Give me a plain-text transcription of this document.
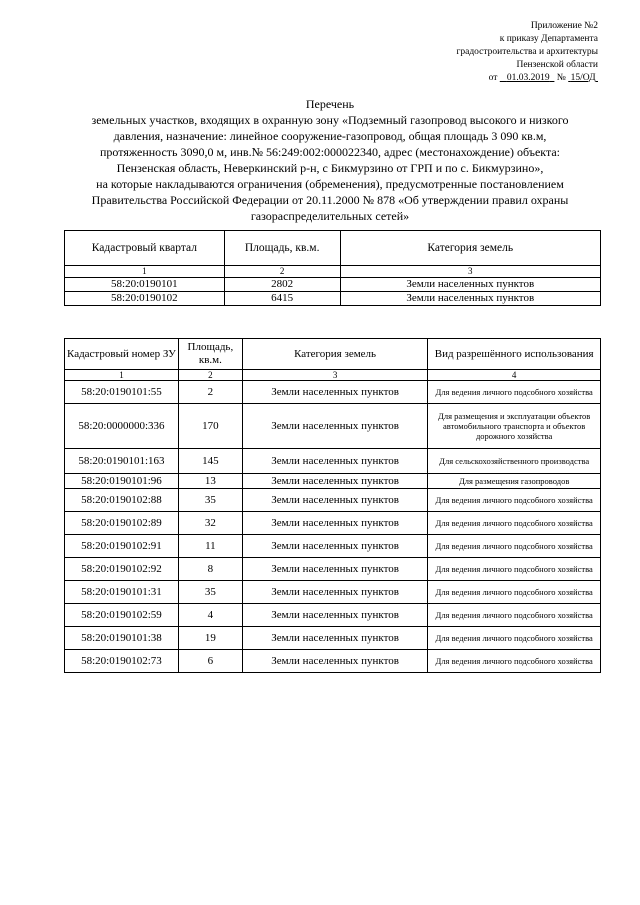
Приложение №2
к приказу Департамента
градостроительства и архитектуры
Пензенской области
от 01.03.2019 № 15/ОД
Перечень
земельных участков, входящих в охранную зону «Подземный газопровод высокого и низкого
давления, назначение: линейное сооружение-газопровод, общая площадь 3 090 кв.м,
протяженность 3090,0 м, инв.№ 56:249:002:000022340, адрес (местонахождение) объекта:
Пензенская область, Неверкинский р-н, с Бикмурзино от ГРП и по с. Бикмурзино»,
на которые накладываются ограничения (обременения), предусмотренные постановлением
Правительства Российской Федерации от 20.11.2000 № 878 «Об утверждении правил охраны
газораспределительных сетей»
Кадастровый квартал	Площадь, кв.м.	Категория земель
1	2	3
58:20:0190101	2802	Земли населенных пунктов
58:20:0190102	6415	Земли населенных пунктов
Кадастровый номер ЗУ	Площадь, кв.м.	Категория земель	Вид разрешённого использования
1	2	3	4
58:20:0190101:55	2	Земли населенных пунктов	Для ведения личного подсобного хозяйства
58:20:0000000:336	170	Земли населенных пунктов	Для размещения и эксплуатации объектов автомобильного транспорта и объектов дорожного хозяйства
58:20:0190101:163	145	Земли населенных пунктов	Для сельскохозяйственного производства
58:20:0190101:96	13	Земли населенных пунктов	Для размещения газопроводов
58:20:0190102:88	35	Земли населенных пунктов	Для ведения личного подсобного хозяйства
58:20:0190102:89	32	Земли населенных пунктов	Для ведения личного подсобного хозяйства
58:20:0190102:91	11	Земли населенных пунктов	Для ведения личного подсобного хозяйства
58:20:0190102:92	8	Земли населенных пунктов	Для ведения личного подсобного хозяйства
58:20:0190101:31	35	Земли населенных пунктов	Для ведения личного подсобного хозяйства
58:20:0190102:59	4	Земли населенных пунктов	Для ведения личного подсобного хозяйства
58:20:0190101:38	19	Земли населенных пунктов	Для ведения личного подсобного хозяйства
58:20:0190102:73	6	Земли населенных пунктов	Для ведения личного подсобного хозяйства
